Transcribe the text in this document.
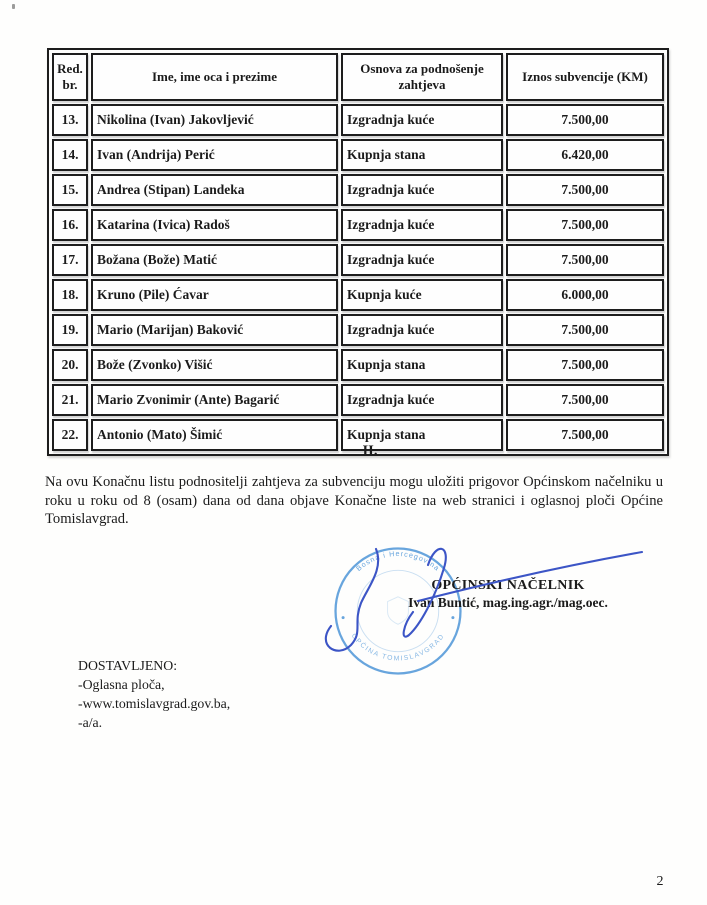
Red. br.	Ime, ime oca i prezime	Osnova za podnošenje zahtjeva	Iznos subvencije (KM)
13.	Nikolina (Ivan) Jakovljević	Izgradnja kuće	7.500,00
14.	Ivan (Andrija) Perić	Kupnja stana	6.420,00
15.	Andrea (Stipan) Landeka	Izgradnja kuće	7.500,00
16.	Katarina (Ivica) Radoš	Izgradnja kuće	7.500,00
17.	Božana (Bože) Matić	Izgradnja kuće	7.500,00
18.	Kruno (Pile) Ćavar	Kupnja kuće	6.000,00
19.	Mario (Marijan) Baković	Izgradnja kuće	7.500,00
20.	Bože (Zvonko) Višić	Kupnja stana	7.500,00
21.	Mario Zvonimir (Ante) Bagarić	Izgradnja kuće	7.500,00
22.	Antonio (Mato) Šimić	Kupnja stana	7.500,00
II.
Na ovu Konačnu listu podnositelji zahtjeva za subvenciju mogu uložiti prigovor Općinskom načelniku u roku u roku od 8 (osam) dana od dana objave Konačne liste na web stranici i oglasnoj ploči Općine Tomislavgrad.
Bosna i Hercegovina
OPĆINA TOMISLAVGRAD
OPĆINSKI NAČELNIK
Ivan Buntić, mag.ing.agr./mag.oec.
DOSTAVLJENO:
-Oglasna ploča,
-www.tomislavgrad.gov.ba,
-a/a.
2
